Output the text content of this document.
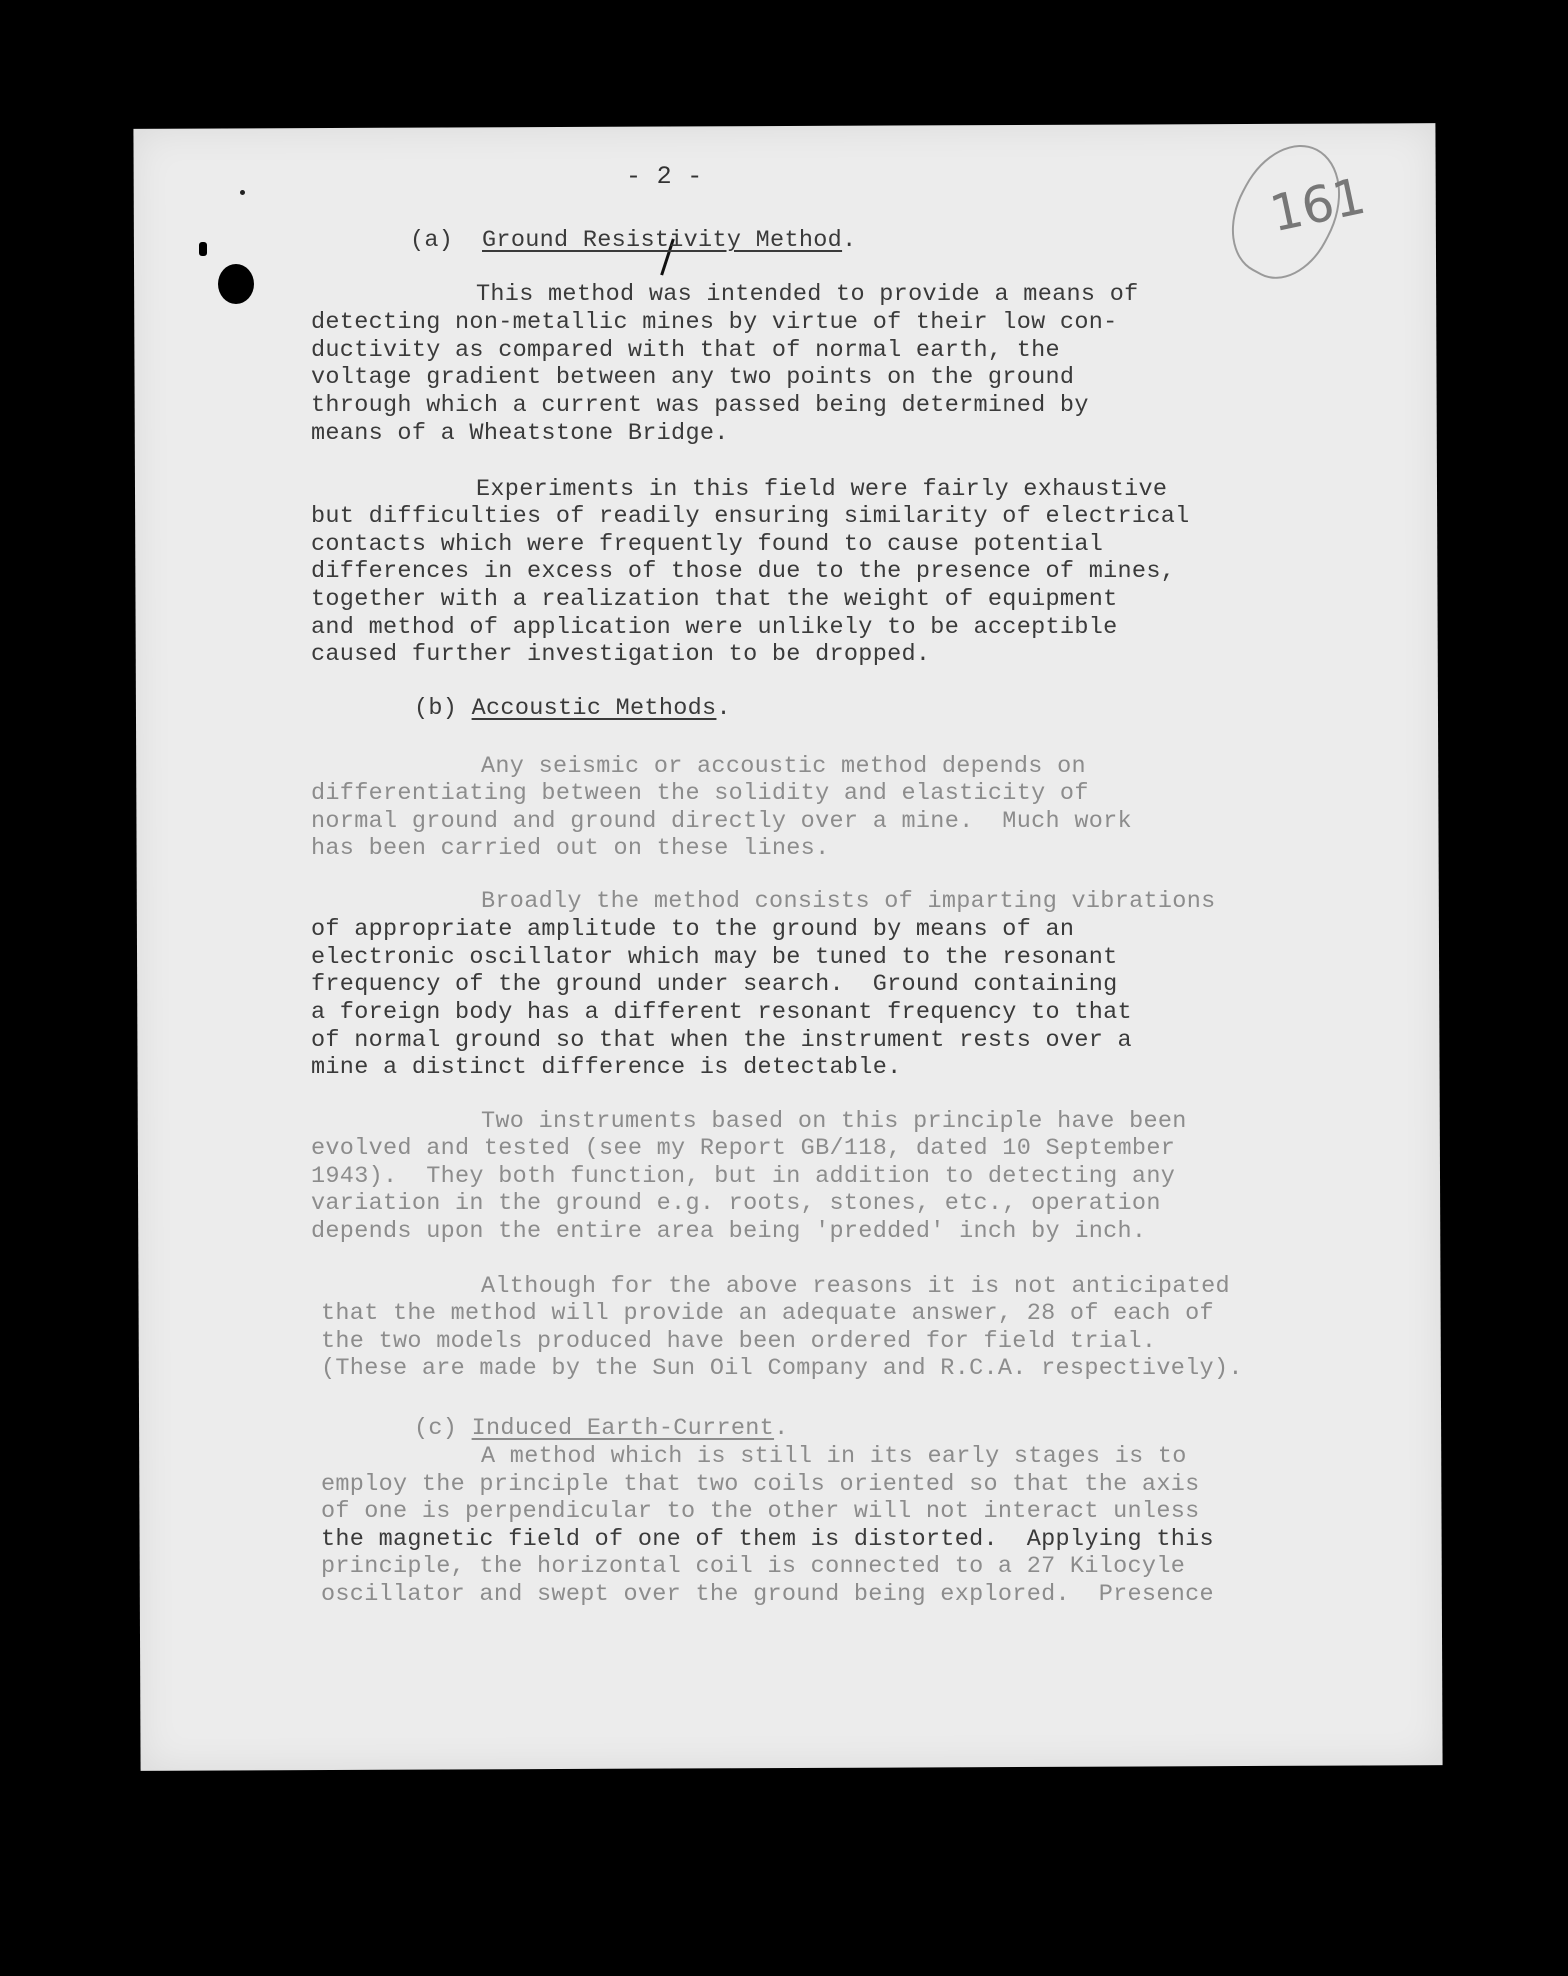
- 2 -	161
(a)  Ground Resistivity Method.
This method was intended to provide a means of
detecting non-metallic mines by virtue of their low con-
ductivity as compared with that of normal earth, the
voltage gradient between any two points on the ground
through which a current was passed being determined by
means of a Wheatstone Bridge.
Experiments in this field were fairly exhaustive
but difficulties of readily ensuring similarity of electrical
contacts which were frequently found to cause potential
differences in excess of those due to the presence of mines,
together with a realization that the weight of equipment
and method of application were unlikely to be acceptible
caused further investigation to be dropped.
(b) Accoustic Methods.
Any seismic or accoustic method depends on
differentiating between the solidity and elasticity of
normal ground and ground directly over a mine.  Much work
has been carried out on these lines.
Broadly the method consists of imparting vibrations
of appropriate amplitude to the ground by means of an
electronic oscillator which may be tuned to the resonant
frequency of the ground under search.  Ground containing
a foreign body has a different resonant frequency to that
of normal ground so that when the instrument rests over a
mine a distinct difference is detectable.
Two instruments based on this principle have been
evolved and tested (see my Report GB/118, dated 10 September
1943).  They both function, but in addition to detecting any
variation in the ground e.g. roots, stones, etc., operation
depends upon the entire area being 'predded' inch by inch.
Although for the above reasons it is not anticipated
that the method will provide an adequate answer, 28 of each of
the two models produced have been ordered for field trial.
(These are made by the Sun Oil Company and R.C.A. respectively).
(c) Induced Earth-Current.
A method which is still in its early stages is to
employ the principle that two coils oriented so that the axis
of one is perpendicular to the other will not interact unless
the magnetic field of one of them is distorted.  Applying this
principle, the horizontal coil is connected to a 27 Kilocyle
oscillator and swept over the ground being explored.  Presence
